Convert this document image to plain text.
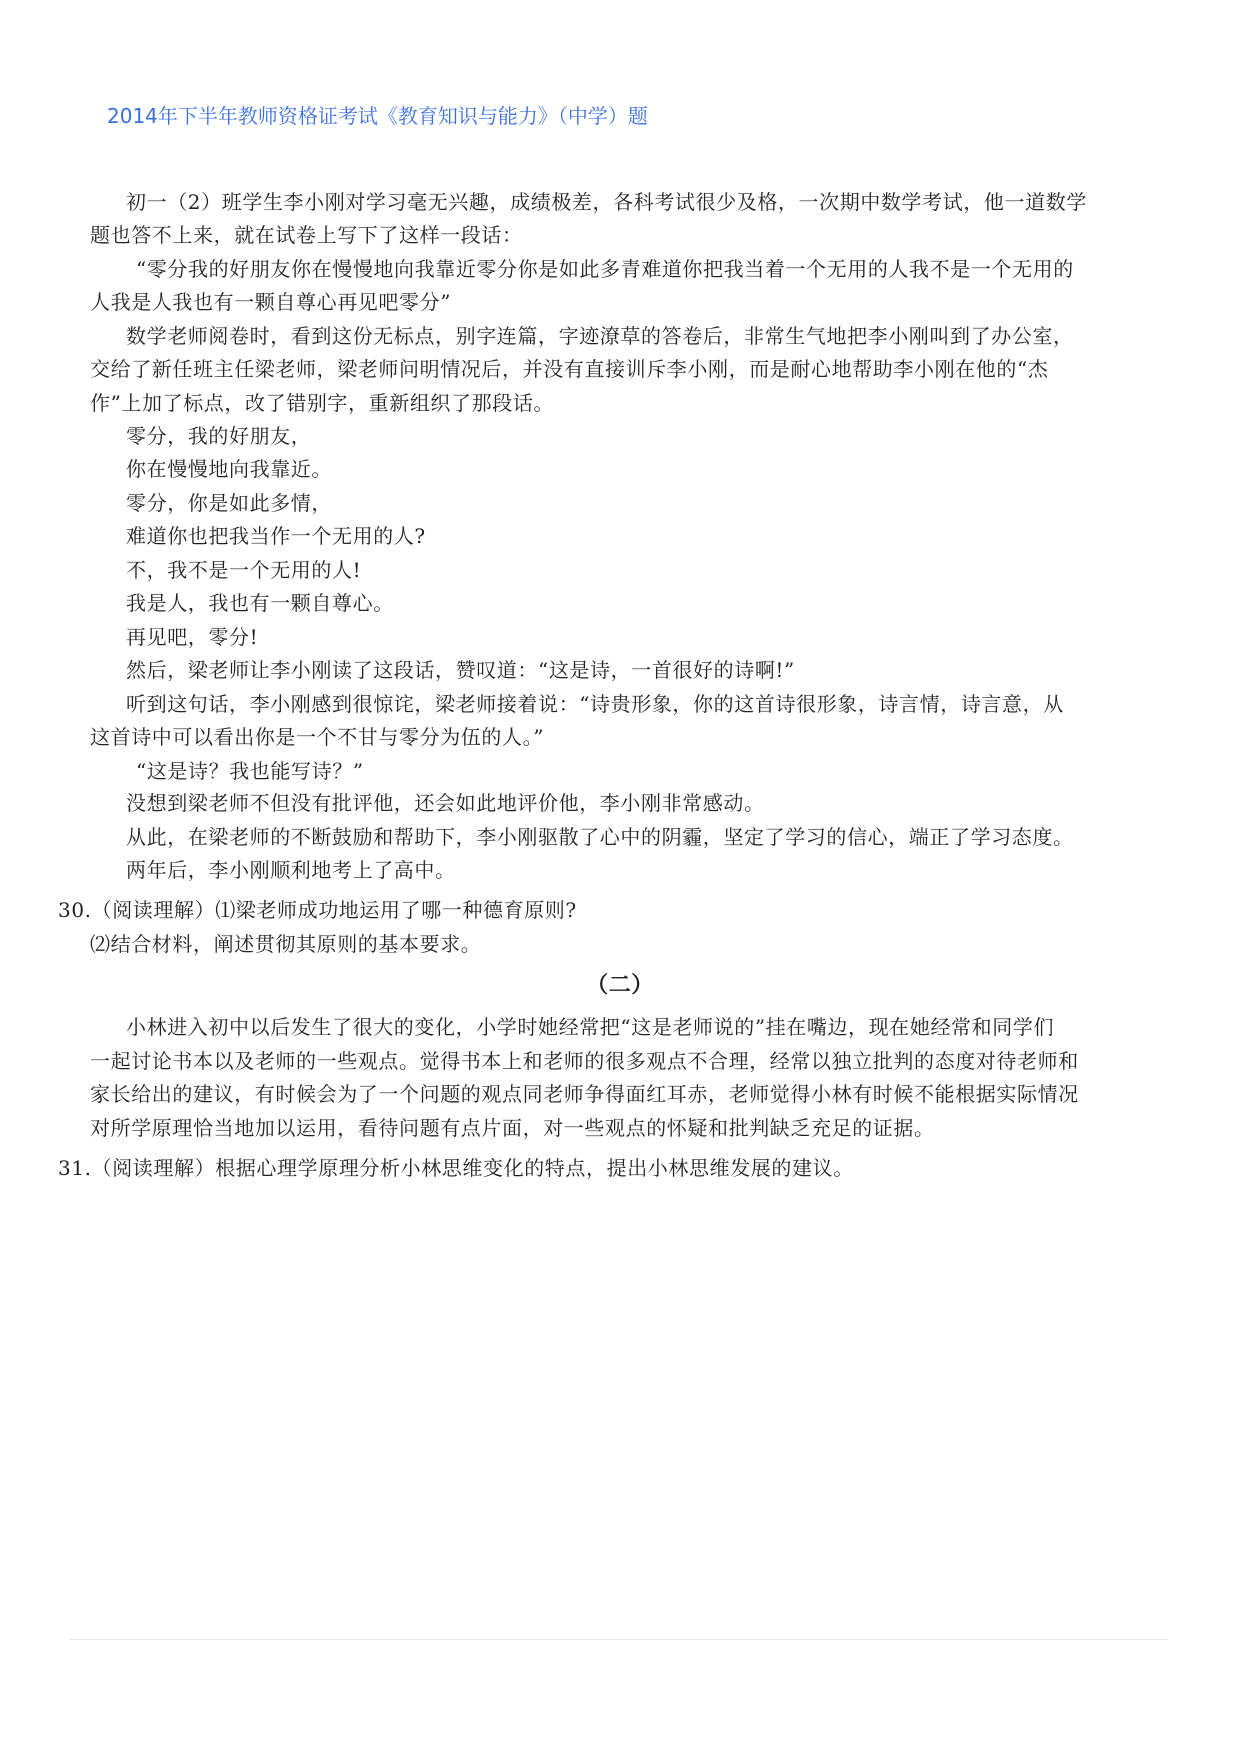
2014年下半年教师资格证考试《教育知识与能力》（中学）题
初一（2）班学生李小刚对学习毫无兴趣，成绩极差，各科考试很少及格，一次期中数学考试，他一道数学
题也答不上来，就在试卷上写下了这样一段话：
“零分我的好朋友你在慢慢地向我靠近零分你是如此多青难道你把我当着一个无用的人我不是一个无用的
人我是人我也有一颗自尊心再见吧零分”
数学老师阅卷时，看到这份无标点，别字连篇，字迹潦草的答卷后，非常生气地把李小刚叫到了办公室，
交给了新任班主任梁老师，梁老师问明情况后，并没有直接训斥李小刚，而是耐心地帮助李小刚在他的“杰
作”上加了标点，改了错别字，重新组织了那段话。
零分，我的好朋友，
你在慢慢地向我靠近。
零分，你是如此多情，
难道你也把我当作一个无用的人?
不，我不是一个无用的人!
我是人，我也有一颗自尊心。
再见吧，零分!
然后，梁老师让李小刚读了这段话，赞叹道：“这是诗，一首很好的诗啊!”
听到这句话，李小刚感到很惊诧，梁老师接着说：“诗贵形象，你的这首诗很形象，诗言情，诗言意，从
这首诗中可以看出你是一个不甘与零分为伍的人。”
“这是诗？我也能写诗？”
没想到梁老师不但没有批评他，还会如此地评价他，李小刚非常感动。
从此，在梁老师的不断鼓励和帮助下，李小刚驱散了心中的阴霾，坚定了学习的信心，端正了学习态度。
两年后，李小刚顺利地考上了高中。
30.（阅读理解）⑴梁老师成功地运用了哪一种德育原则?
⑵结合材料，阐述贯彻其原则的基本要求。
（二）
小林进入初中以后发生了很大的变化，小学时她经常把“这是老师说的”挂在嘴边，现在她经常和同学们
一起讨论书本以及老师的一些观点。觉得书本上和老师的很多观点不合理，经常以独立批判的态度对待老师和
家长给出的建议，有时候会为了一个问题的观点同老师争得面红耳赤，老师觉得小林有时候不能根据实际情况
对所学原理恰当地加以运用，看待问题有点片面，对一些观点的怀疑和批判缺乏充足的证据。
31.（阅读理解）根据心理学原理分析小林思维变化的特点，提出小林思维发展的建议。
